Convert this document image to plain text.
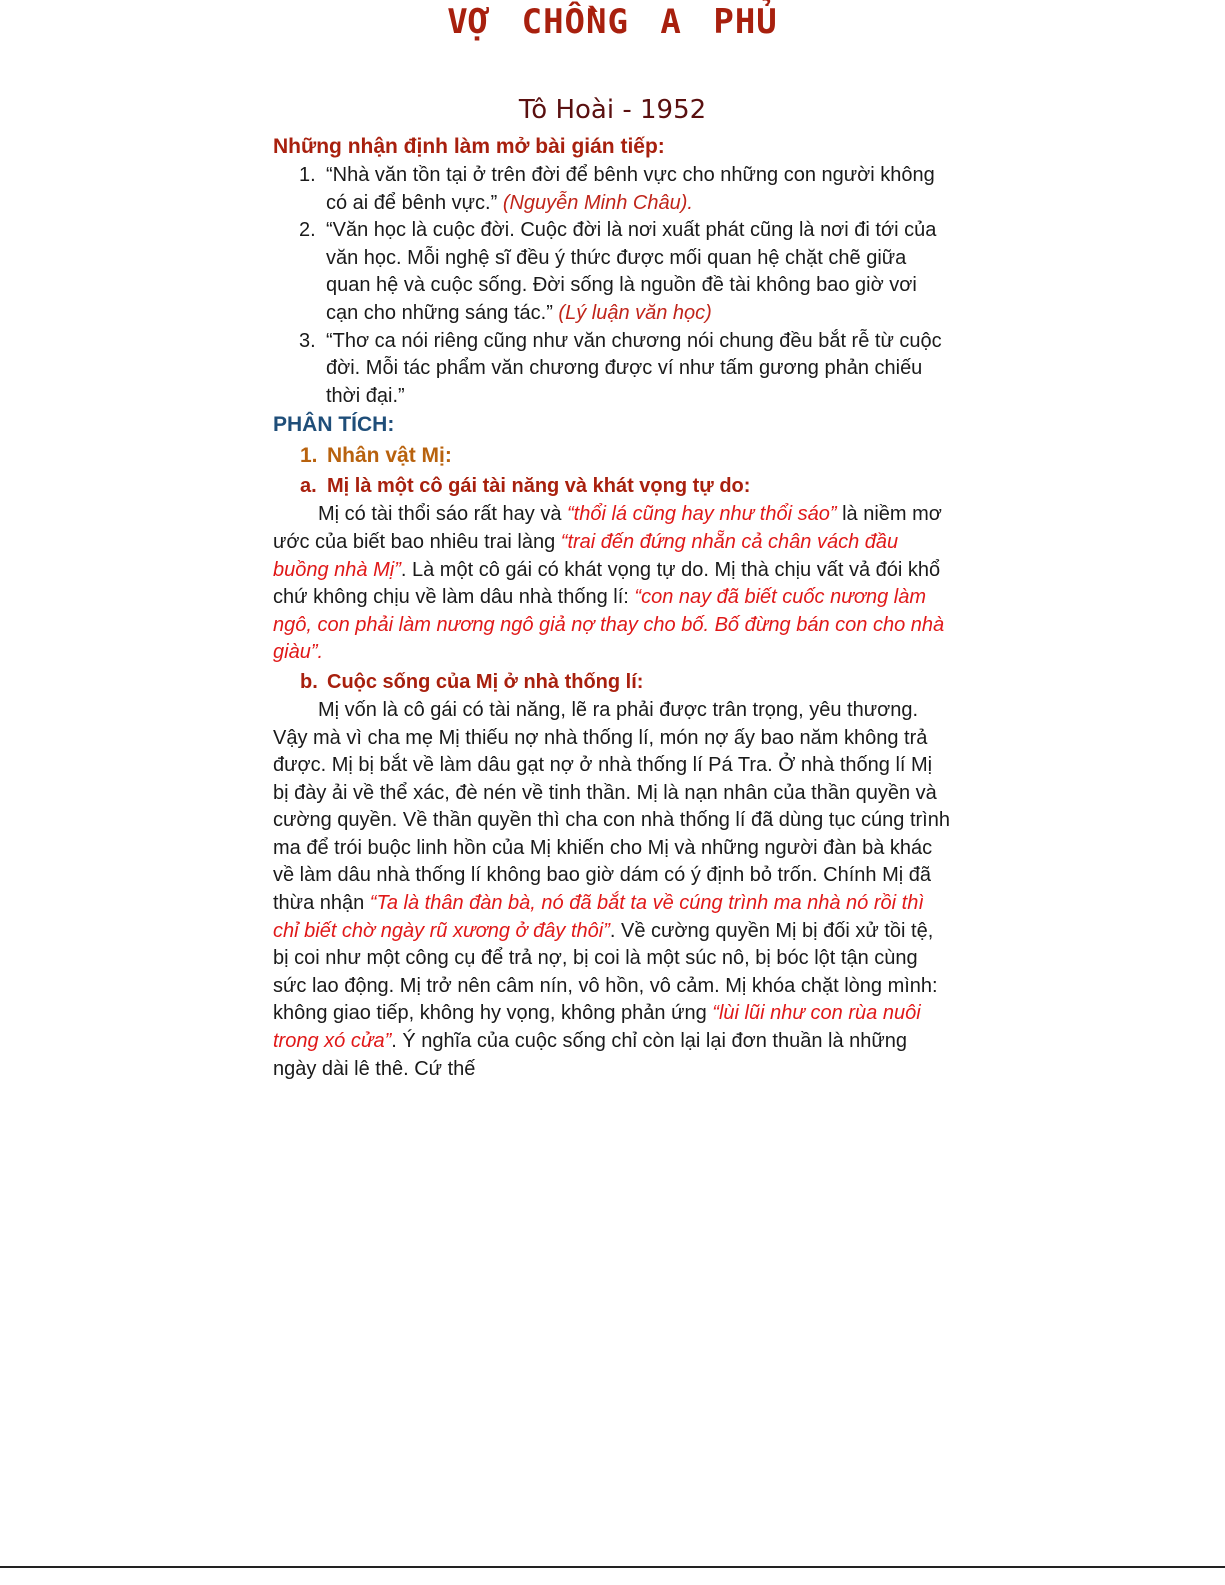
VỢ CHỒNG A PHỦ
Tô Hoài - 1952

Những nhận định làm mở bài gián tiếp:

1. “Nhà văn tồn tại ở trên đời để bênh vực cho những con người không có ai để bênh vực.” (Nguyễn Minh Châu).
2. “Văn học là cuộc đời. Cuộc đời là nơi xuất phát cũng là nơi đi tới của văn học. Mỗi nghệ sĩ đều ý thức được mối quan hệ chặt chẽ giữa quan hệ và cuộc sống. Đời sống là nguồn đề tài không bao giờ vơi cạn cho những sáng tác.” (Lý luận văn học)
3. “Thơ ca nói riêng cũng như văn chương nói chung đều bắt rễ từ cuộc đời. Mỗi tác phẩm văn chương được ví như tấm gương phản chiếu thời đại.”

PHÂN TÍCH:

1. Nhân vật Mị:

a. Mị là một cô gái tài năng và khát vọng tự do:

Mị có tài thổi sáo rất hay và “thổi lá cũng hay như thổi sáo” là niềm mơ ước của biết bao nhiêu trai làng “trai đến đứng nhẵn cả chân vách đầu buồng nhà Mị”. Là một cô gái có khát vọng tự do. Mị thà chịu vất vả đói khổ chứ không chịu về làm dâu nhà thống lí: “con nay đã biết cuốc nương làm ngô, con phải làm nương ngô giả nợ thay cho bố. Bố đừng bán con cho nhà giàu”.

b. Cuộc sống của Mị ở nhà thống lí:

Mị vốn là cô gái có tài năng, lẽ ra phải được trân trọng, yêu thương. Vậy mà vì cha mẹ Mị thiếu nợ nhà thống lí, món nợ ấy bao năm không trả được. Mị bị bắt về làm dâu gạt nợ ở nhà thống lí Pá Tra. Ở nhà thống lí Mị bị đày ải về thể xác, đè nén về tinh thần. Mị là nạn nhân của thần quyền và cường quyền. Về thần quyền thì cha con nhà thống lí đã dùng tục cúng trình ma để trói buộc linh hồn của Mị khiến cho Mị và những người đàn bà khác về làm dâu nhà thống lí không bao giờ dám có ý định bỏ trốn. Chính Mị đã thừa nhận “Ta là thân đàn bà, nó đã bắt ta về cúng trình ma nhà nó rồi thì chỉ biết chờ ngày rũ xương ở đây thôi”. Về cường quyền Mị bị đối xử tồi tệ, bị coi như một công cụ để trả nợ, bị coi là một súc nô, bị bóc lột tận cùng sức lao động. Mị trở nên câm nín, vô hồn, vô cảm. Mị khóa chặt lòng mình: không giao tiếp, không hy vọng, không phản ứng “lùi lũi như con rùa nuôi trong xó cửa”. Ý nghĩa của cuộc sống chỉ còn lại lại đơn thuần là những ngày dài lê thê. Cứ thế
